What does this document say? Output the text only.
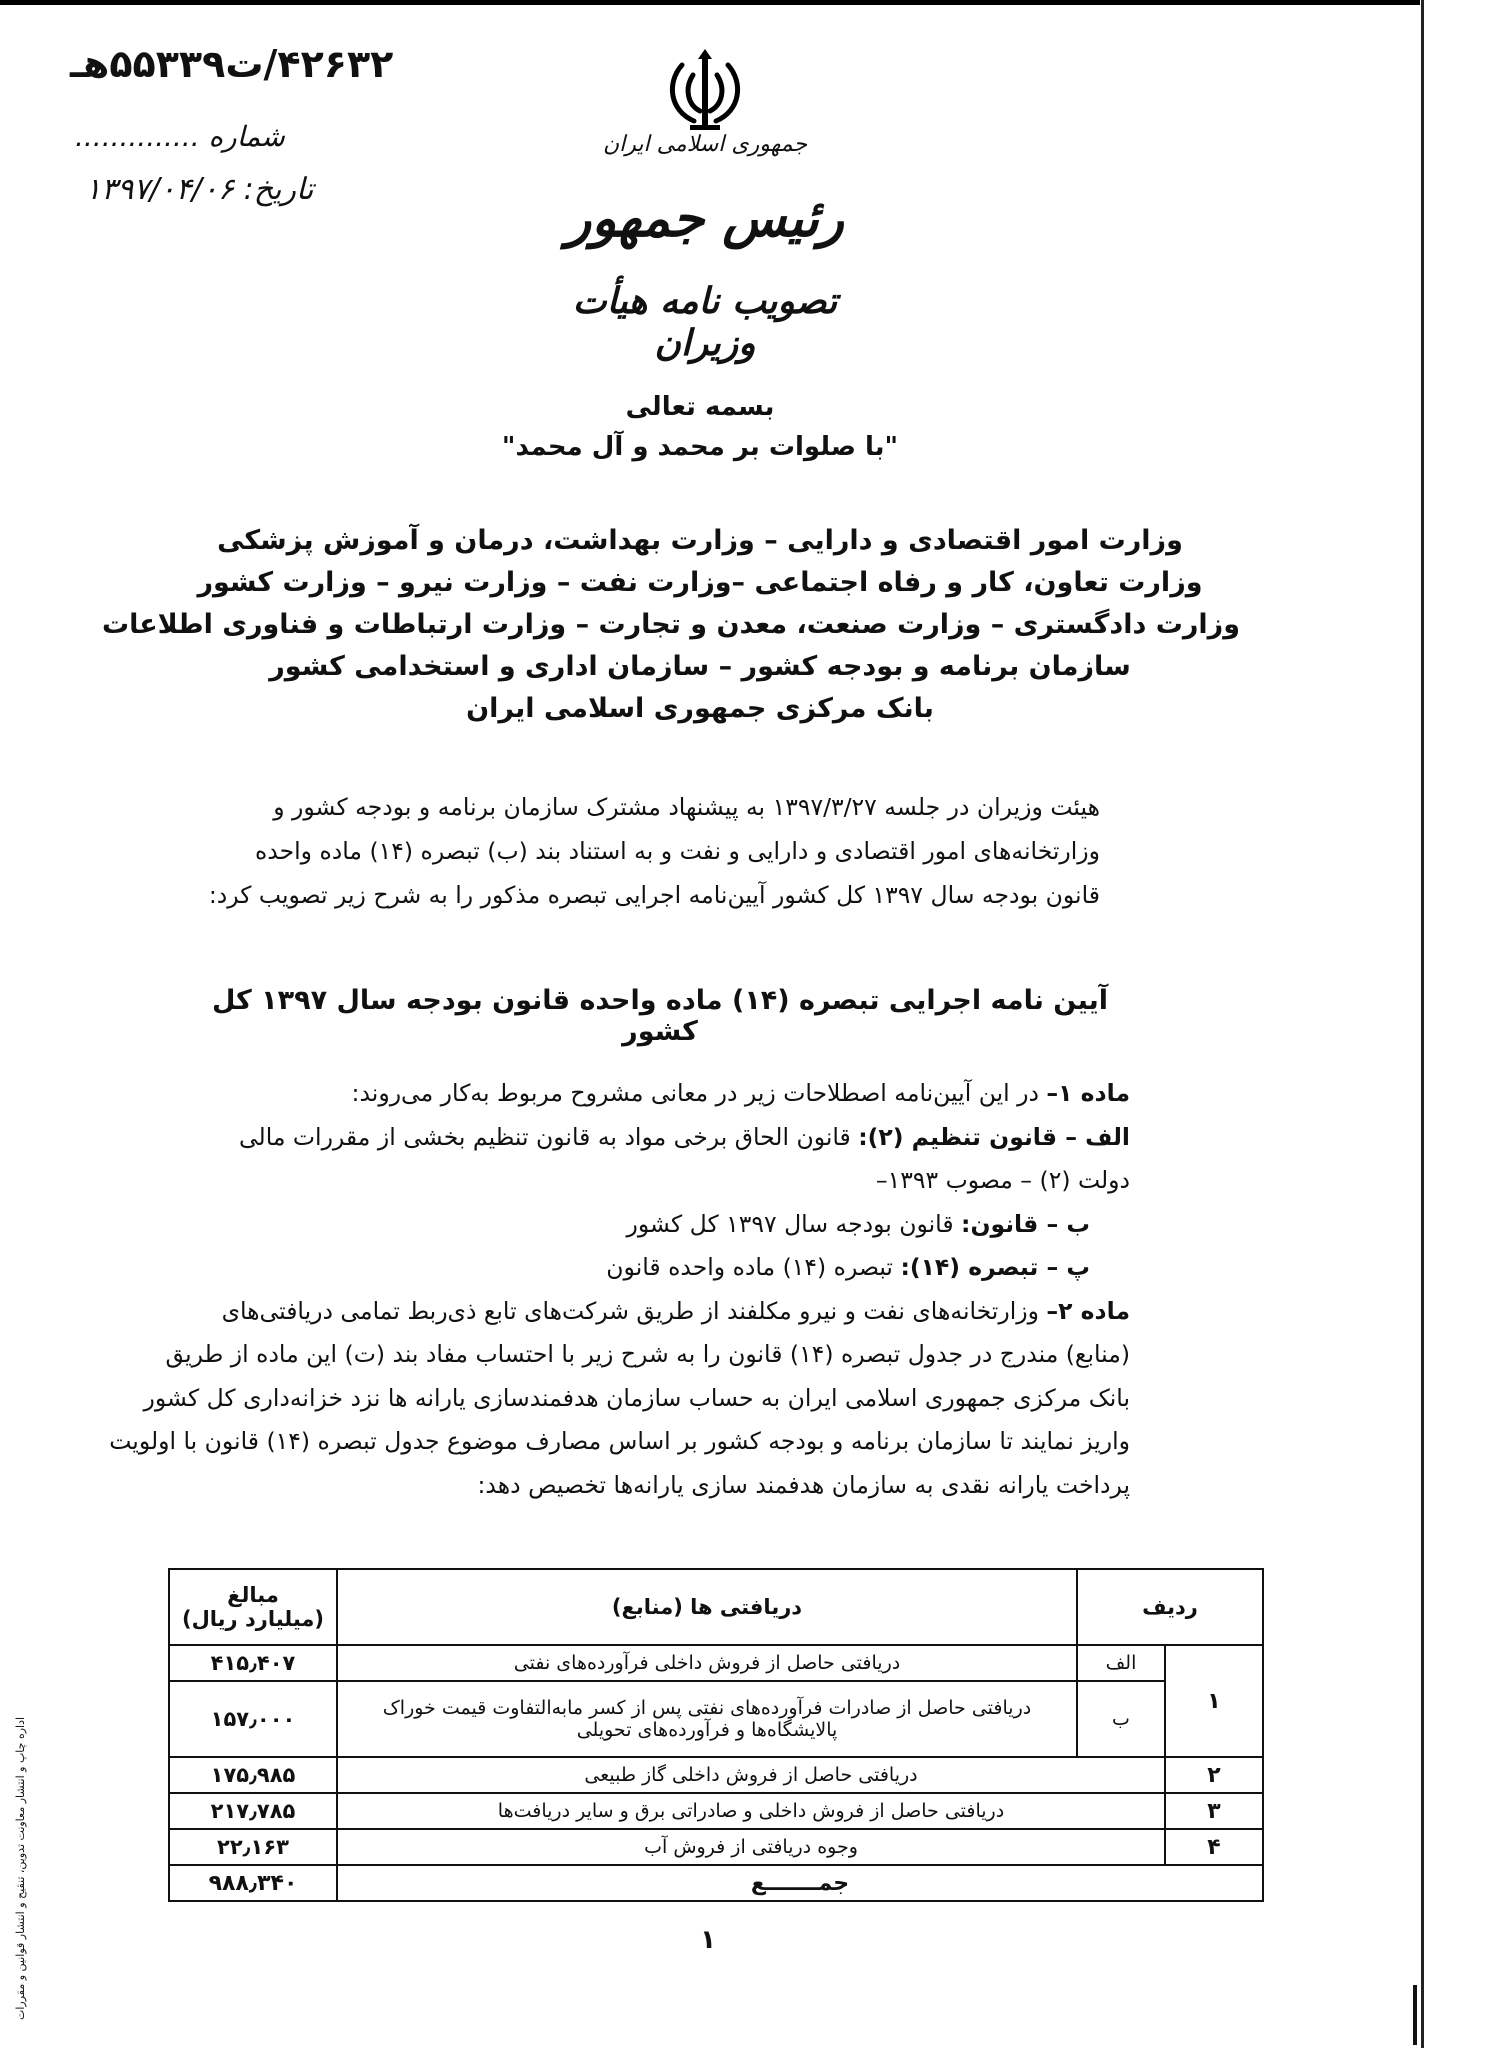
۴۲۶۳۲/ت۵۵۳۳۹هـ
شماره ..............
تاریخ: ۱۳۹۷/۰۴/۰۶
جمهوری اسلامی ایران
رئیس جمهور
تصویب نامه هیأت وزیران
بسمه تعالی
"با صلوات بر محمد و آل محمد"
وزارت امور اقتصادی و دارایی – وزارت بهداشت، درمان و آموزش پزشکی
وزارت تعاون، کار و رفاه اجتماعی –وزارت نفت – وزارت نیرو – وزارت کشور
وزارت دادگستری – وزارت صنعت، معدن و تجارت – وزارت ارتباطات و فناوری اطلاعات
سازمان برنامه و بودجه کشور – سازمان اداری و استخدامی کشور
بانک مرکزی جمهوری اسلامی ایران
هیئت وزیران در جلسه ۱۳۹۷/۳/۲۷ به پیشنهاد مشترک سازمان برنامه و بودجه کشور و
وزارتخانه‌های امور اقتصادی و دارایی و نفت و به استناد بند (ب) تبصره (۱۴) ماده واحده
قانون بودجه سال ۱۳۹۷ کل کشور آیین‌نامه اجرایی تبصره مذکور را به شرح زیر تصویب کرد:
آیین نامه اجرایی تبصره (۱۴) ماده واحده قانون بودجه سال ۱۳۹۷ کل کشور
ماده ۱– در این آیین‌نامه اصطلاحات زیر در معانی مشروح مربوط به‌کار می‌روند:
الف – قانون تنظیم (۲): قانون الحاق برخی مواد به قانون تنظیم بخشی از مقررات مالی
دولت (۲) – مصوب ۱۳۹۳–
ب – قانون: قانون بودجه سال ۱۳۹۷ کل کشور
پ – تبصره (۱۴): تبصره (۱۴) ماده واحده قانون
ماده ۲– وزارتخانه‌های نفت و نیرو مکلفند از طریق شرکت‌های تابع ذی‌ربط تمامی دریافتی‌های
(منابع) مندرج در جدول تبصره (۱۴) قانون را به شرح زیر با احتساب مفاد بند (ت) این ماده از طریق
بانک مرکزی جمهوری اسلامی ایران به حساب سازمان هدفمندسازی یارانه ها نزد خزانه‌داری کل کشور
واریز نمایند تا سازمان برنامه و بودجه کشور بر اساس مصارف موضوع جدول تبصره (۱۴) قانون با اولویت
پرداخت یارانه نقدی به سازمان هدفمند سازی یارانه‌ها تخصیص دهد:
ردیف		دریافتی ها (منابع)	مبالغ
(میلیارد ریال)

۱	الف	دریافتی حاصل از فروش داخلی فرآورده‌های نفتی	۴۱۵٫۴۰۷
	ب	دریافتی حاصل از صادرات فرآورده‌های نفتی پس از کسر مابه‌التفاوت قیمت خوراک پالایشگاه‌ها و فرآورده‌های تحویلی	۱۵۷٫۰۰۰
۲	دریافتی حاصل از فروش داخلی گاز طبیعی		۱۷۵٫۹۸۵
۳	دریافتی حاصل از فروش داخلی و صادراتی برق و سایر دریافت‌ها		۲۱۷٫۷۸۵
۴	وجوه دریافتی از فروش آب		۲۲٫۱۶۳
جمـــــــع			۹۸۸٫۳۴۰
۱
اداره چاپ و انتشار معاونت تدوین، تنقیح و انتشار قوانین و مقررات
